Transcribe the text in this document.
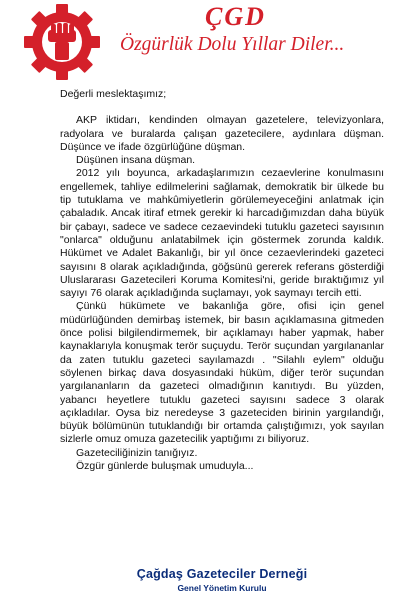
ÇGD
Özgürlük Dolu Yıllar Diler...

Değerli meslektaşımız;

AKP iktidarı, kendinden olmayan gazetelere, televizyonlara, radyolara ve buralarda çalışan gazetecilere, aydınlara düşman. Düşünce ve ifade özgürlüğüne düşman.

Düşünen insana düşman.

2012 yılı boyunca, arkadaşlarımızın cezaevlerine konulmasını engellemek, tahliye edilmelerini sağlamak, demokratik bir ülkede bu tip tutuklama ve mahkûmiyetlerin görülemeyeceğini anlatmak için çabaladık. Ancak itiraf etmek gerekir ki harcadığımızdan daha büyük bir çabayı, sadece ve sadece cezaevindeki tutuklu gazeteci sayısının "onlarca" olduğunu anlatabilmek için göstermek zorunda kaldık. Hükümet ve Adalet Bakanlığı, bir yıl önce cezaevlerindeki gazeteci sayısını 8 olarak açıkladığında, göğsünü gererek referans gösterdiği Uluslararası Gazetecileri Koruma Komitesi'ni, geride bıraktığımız yıl sayıyı 76 olarak açıkladığında suçlamayı, yok saymayı tercih etti.

Çünkü hükümete ve bakanlığa göre, ofisi için genel müdürlüğünden demirbaş istemek, bir basın açıklamasına gitmeden önce polisi bilgilendirmemek, bir açıklamayı haber yapmak, haber kaynaklarıyla konuşmak terör suçuydu. Terör suçundan yargılananlar da zaten tutuklu gazeteci sayılamazdı . "Silahlı eylem" olduğu söylenen birkaç dava dosyasındaki hüküm, diğer terör suçundan yargılananların da gazeteci olmadığının kanıtıydı. Bu yüzden, yabancı heyetlere tutuklu gazeteci sayısını sadece 3 olarak açıkladılar. Oysa biz neredeyse 3 gazeteciden birinin yargılandığı, büyük bölümünün tutuklandığı bir ortamda çalıştığımızı, yok sayılan sizlerle omuz omuza gazetecilik yaptığımı zı biliyoruz.

Gazeteciliğinizin tanığıyız.

Özgür günlerde buluşmak umuduyla...

Çağdaş Gazeteciler Derneği
Genel Yönetim Kurulu
